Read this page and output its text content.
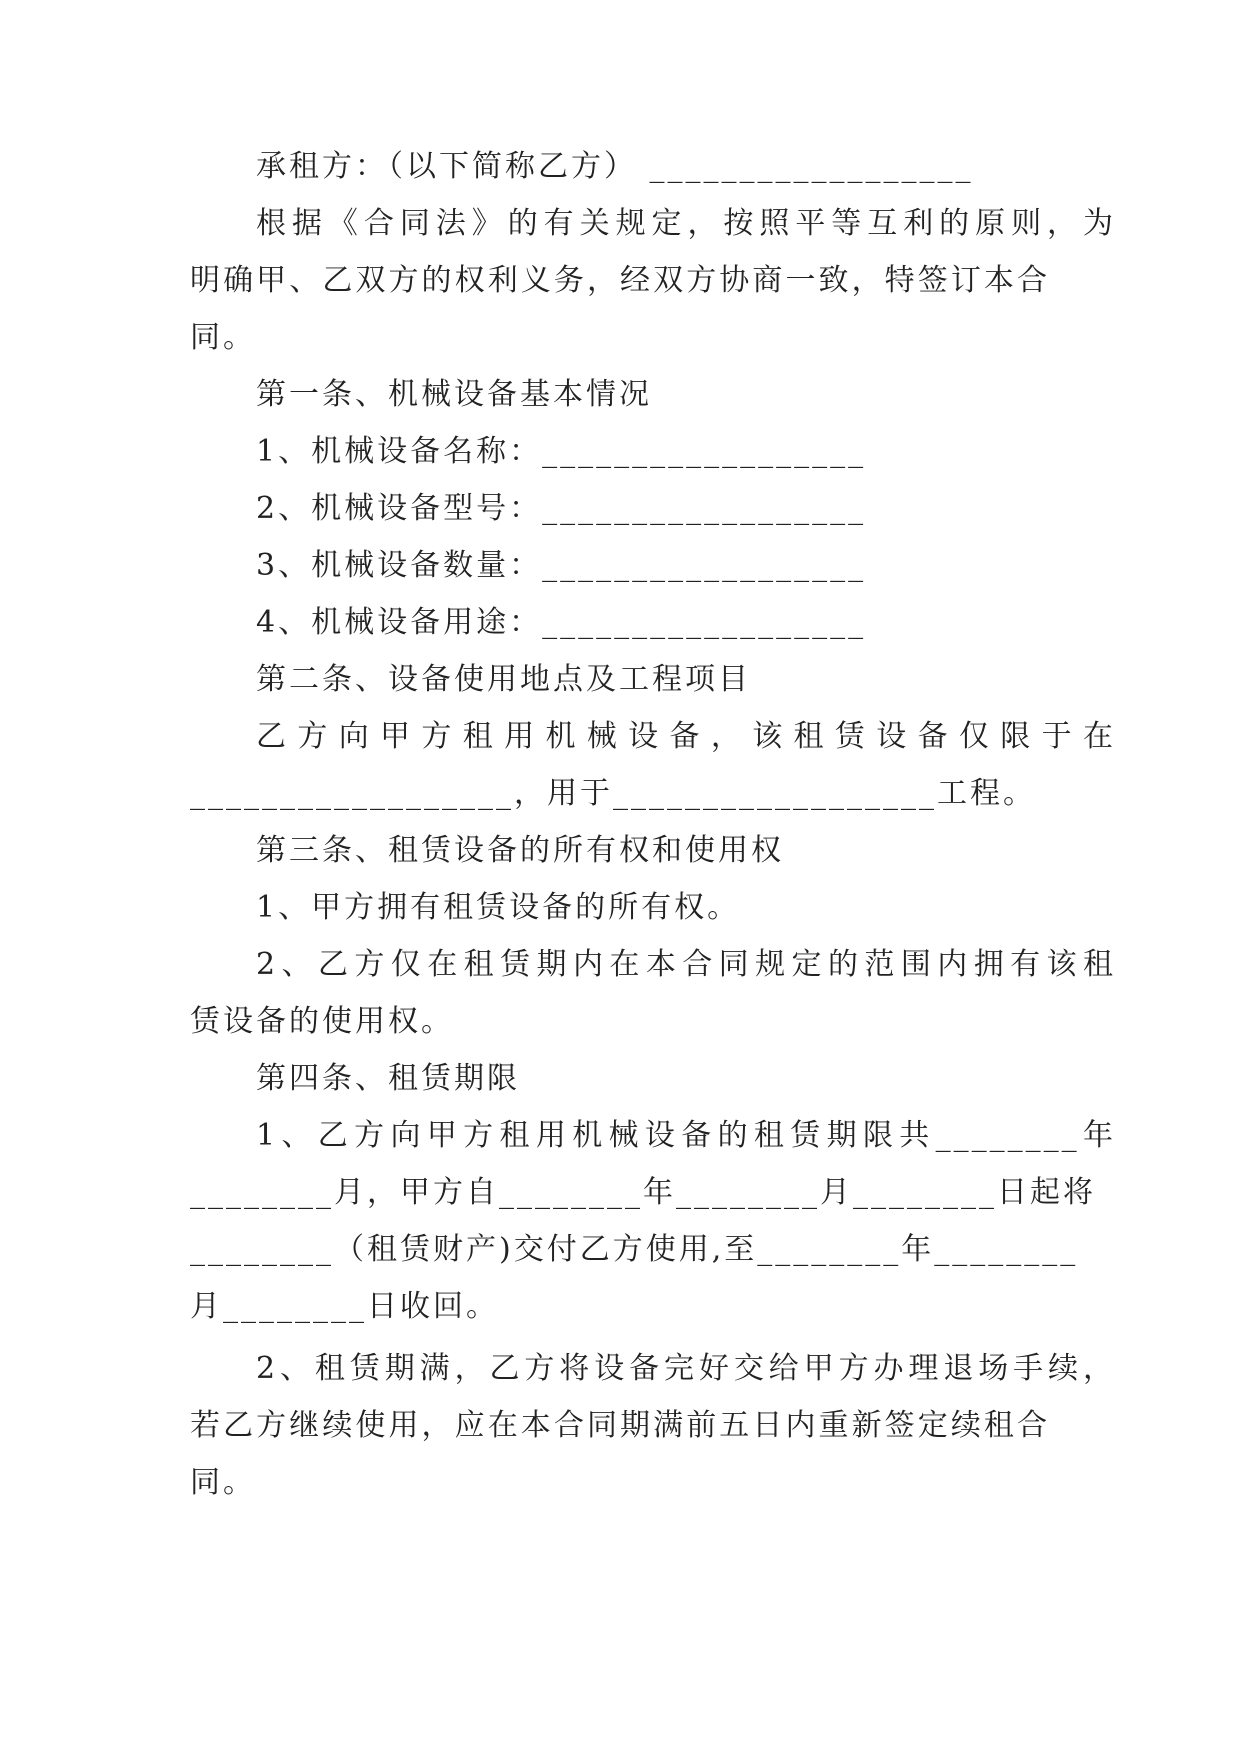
承租方：（以下简称乙方） __________________
根据《合同法》的有关规定，按照平等互利的原则，为
明确甲、乙双方的权利义务，经双方协商一致，特签订本合
同。
第一条、机械设备基本情况
1、机械设备名称：__________________
2、机械设备型号：__________________
3、机械设备数量：__________________
4、机械设备用途：__________________
第二条、设备使用地点及工程项目
乙方向甲方租用机械设备，该租赁设备仅限于在
__________________，用于__________________工程。
第三条、租赁设备的所有权和使用权
1、甲方拥有租赁设备的所有权。
2、乙方仅在租赁期内在本合同规定的范围内拥有该租
赁设备的使用权。
第四条、租赁期限
1、乙方向甲方租用机械设备的租赁期限共________年
________月，甲方自________年________月________日起将
________（租赁财产)交付乙方使用,至________年________
月________日收回。
2、租赁期满，乙方将设备完好交给甲方办理退场手续，
若乙方继续使用，应在本合同期满前五日内重新签定续租合
同。
